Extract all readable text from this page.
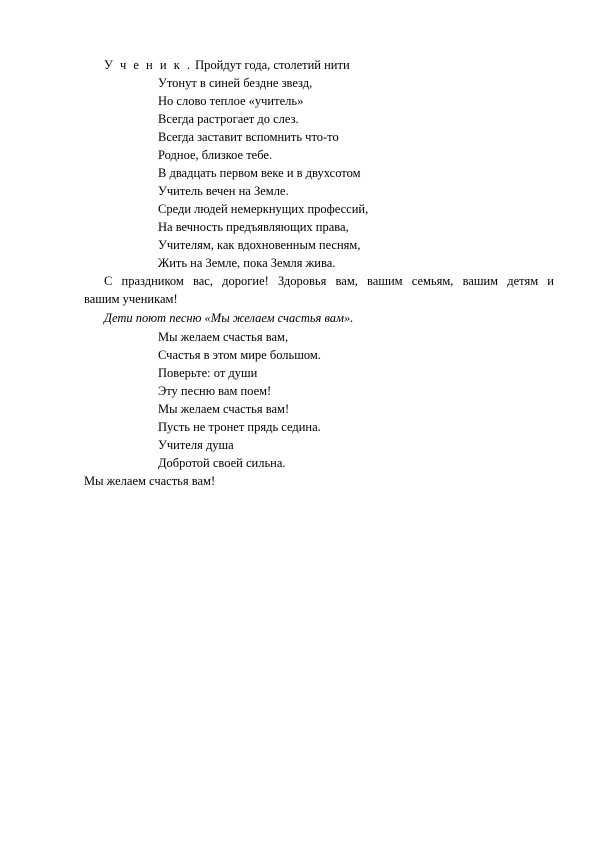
У ч е н и к . Пройдут года, столетий нити
Утонут в синей бездне звезд,
Но слово теплое «учитель»
Всегда растрогает до слез.
Всегда заставит вспомнить что-то
Родное, близкое тебе.
В двадцать первом веке и в двухсотом
Учитель вечен на Земле.
Среди людей немеркнущих профессий,
На вечность предъявляющих права,
Учителям, как вдохновенным песням,
Жить на Земле, пока Земля жива.
С праздником вас, дорогие! Здоровья вам, вашим семьям, вашим детям и
вашим ученикам!
Дети поют песню «Мы желаем счастья вам».
Мы желаем счастья вам,
Счастья в этом мире большом.
Поверьте: от души
Эту песню вам поем!
Мы желаем счастья вам!
Пусть не тронет прядь седина.
Учителя душа
Добротой своей сильна.
Мы желаем счастья вам!
